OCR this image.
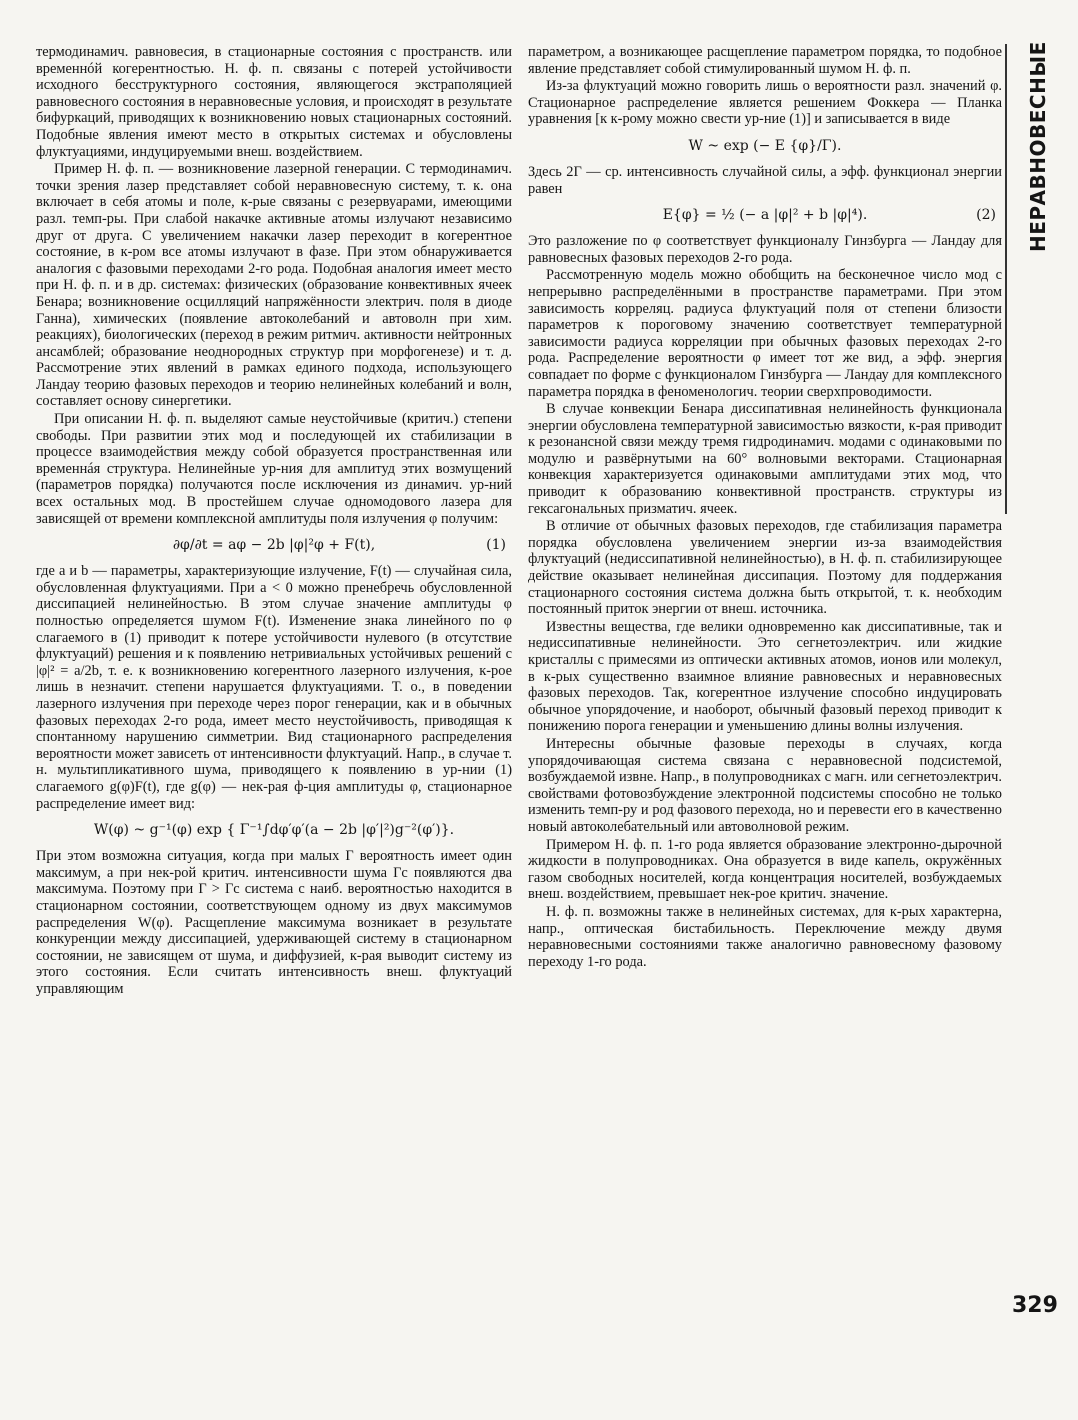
термодинамич. равновесия, в стационарные состояния с пространств. или временнóй когерентностью. Н. ф. п. связаны с потерей устойчивости исходного бесструктурного состояния, являющегося экстраполяцией равновесного состояния в неравновесные условия, и происходят в результате бифуркаций, приводящих к возникновению новых стационарных состояний. Подобные явления имеют место в открытых системах и обусловлены флуктуациями, индуцируемыми внеш. воздействием.

Пример Н. ф. п. — возникновение лазерной генерации. С термодинамич. точки зрения лазер представляет собой неравновесную систему, т. к. она включает в себя атомы и поле, к-рые связаны с резервуарами, имеющими разл. темп-ры. При слабой накачке активные атомы излучают независимо друг от друга. С увеличением накачки лазер переходит в когерентное состояние, в к-ром все атомы излучают в фазе. При этом обнаруживается аналогия с фазовыми переходами 2-го рода. Подобная аналогия имеет место при Н. ф. п. и в др. системах: физических (образование конвективных ячеек Бенара; возникновение осцилляций напряжённости электрич. поля в диоде Ганна), химических (появление автоколебаний и автоволн при хим. реакциях), биологических (переход в режим ритмич. активности нейтронных ансамблей; образование неоднородных структур при морфогенезе) и т. д. Рассмотрение этих явлений в рамках единого подхода, использующего Ландау теорию фазовых переходов и теорию нелинейных колебаний и волн, составляет основу синергетики.

При описании Н. ф. п. выделяют самые неустойчивые (критич.) степени свободы. При развитии этих мод и последующей их стабилизации в процессе взаимодействия между собой образуется пространственная или временнáя структура. Нелинейные ур-ния для амплитуд этих возмущений (параметров порядка) получаются после исключения из динамич. ур-ний всех остальных мод. В простейшем случае одномодового лазера для зависящей от времени комплексной амплитуды поля излучения φ получим:

∂φ/∂t = aφ − 2b |φ|²φ + F(t),	(1)

где a и b — параметры, характеризующие излучение, F(t) — случайная сила, обусловленная флуктуациями. При a < 0 можно пренебречь обусловленной диссипацией нелинейностью. В этом случае значение амплитуды φ полностью определяется шумом F(t). Изменение знака линейного по φ слагаемого в (1) приводит к потере устойчивости нулевого (в отсутствие флуктуаций) решения и к появлению нетривиальных устойчивых решений с |φ|² = a/2b, т. е. к возникновению когерентного лазерного излучения, к-рое лишь в незначит. степени нарушается флуктуациями. Т. о., в поведении лазерного излучения при переходе через порог генерации, как и в обычных фазовых переходах 2-го рода, имеет место неустойчивость, приводящая к спонтанному нарушению симметрии. Вид стационарного распределения вероятности может зависеть от интенсивности флуктуаций. Напр., в случае т. н. мультипликативного шума, приводящего к появлению в ур-нии (1) слагаемого g(φ)F(t), где g(φ) — нек-рая ф-ция амплитуды φ, стационарное распределение имеет вид:

W(φ) ~ g⁻¹(φ) exp { Γ⁻¹∫dφ′φ′(a − 2b |φ′|²)g⁻²(φ′)}.

При этом возможна ситуация, когда при малых Γ вероятность имеет один максимум, а при нек-рой критич. интенсивности шума Γc появляются два максимума. Поэтому при Γ > Γc система с наиб. вероятностью находится в стационарном состоянии, соответствующем одному из двух максимумов распределения W(φ). Расщепление максимума возникает в результате конкуренции между диссипацией, удерживающей систему в стационарном состоянии, не зависящем от шума, и диффузией, к-рая выводит систему из этого состояния. Если считать интенсивность внеш. флуктуаций управляющим

параметром, а возникающее расщепление параметром порядка, то подобное явление представляет собой стимулированный шумом Н. ф. п.

Из-за флуктуаций можно говорить лишь о вероятности разл. значений φ. Стационарное распределение является решением Фоккера — Планка уравнения [к к-рому можно свести ур-ние (1)] и записывается в виде

W ~ exp (− E {φ}/Γ).

Здесь 2Γ — ср. интенсивность случайной силы, а эфф. функционал энергии равен

E{φ} = ½ (− a |φ|² + b |φ|⁴).	(2)

Это разложение по φ соответствует функционалу Гинзбурга — Ландау для равновесных фазовых переходов 2-го рода.

Рассмотренную модель можно обобщить на бесконечное число мод с непрерывно распределёнными в пространстве параметрами. При этом зависимость корреляц. радиуса флуктуаций поля от степени близости параметров к пороговому значению соответствует температурной зависимости радиуса корреляции при обычных фазовых переходах 2-го рода. Распределение вероятности φ имеет тот же вид, а эфф. энергия совпадает по форме с функционалом Гинзбурга — Ландау для комплексного параметра порядка в феноменологич. теории сверхпроводимости.

В случае конвекции Бенара диссипативная нелинейность функционала энергии обусловлена температурной зависимостью вязкости, к-рая приводит к резонансной связи между тремя гидродинамич. модами с одинаковыми по модулю и развёрнутыми на 60° волновыми векторами. Стационарная конвекция характеризуется одинаковыми амплитудами этих мод, что приводит к образованию конвективной пространств. структуры из гексагональных призматич. ячеек.

В отличие от обычных фазовых переходов, где стабилизация параметра порядка обусловлена увеличением энергии из-за взаимодействия флуктуаций (недиссипативной нелинейностью), в Н. ф. п. стабилизирующее действие оказывает нелинейная диссипация. Поэтому для поддержания стационарного состояния система должна быть открытой, т. к. необходим постоянный приток энергии от внеш. источника.

Известны вещества, где велики одновременно как диссипативные, так и недиссипативные нелинейности. Это сегнетоэлектрич. или жидкие кристаллы с примесями из оптически активных атомов, ионов или молекул, в к-рых существенно взаимное влияние равновесных и неравновесных фазовых переходов. Так, когерентное излучение способно индуцировать обычное упорядочение, и наоборот, обычный фазовый переход приводит к понижению порога генерации и уменьшению длины волны излучения.

Интересны обычные фазовые переходы в случаях, когда упорядочивающая система связана с неравновесной подсистемой, возбуждаемой извне. Напр., в полупроводниках с магн. или сегнетоэлектрич. свойствами фотовозбуждение электронной подсистемы способно не только изменить темп-ру и род фазового перехода, но и перевести его в качественно новый автоколебательный или автоволновой режим.

Примером Н. ф. п. 1-го рода является образование электронно-дырочной жидкости в полупроводниках. Она образуется в виде капель, окружённых газом свободных носителей, когда концентрация носителей, возбуждаемых внеш. воздействием, превышает нек-рое критич. значение.

Н. ф. п. возможны также в нелинейных системах, для к-рых характерна, напр., оптическая бистабильность. Переключение между двумя неравновесными состояниями также аналогично равновесному фазовому переходу 1-го рода.

НЕРАВНОВЕСНЫЕ
329
